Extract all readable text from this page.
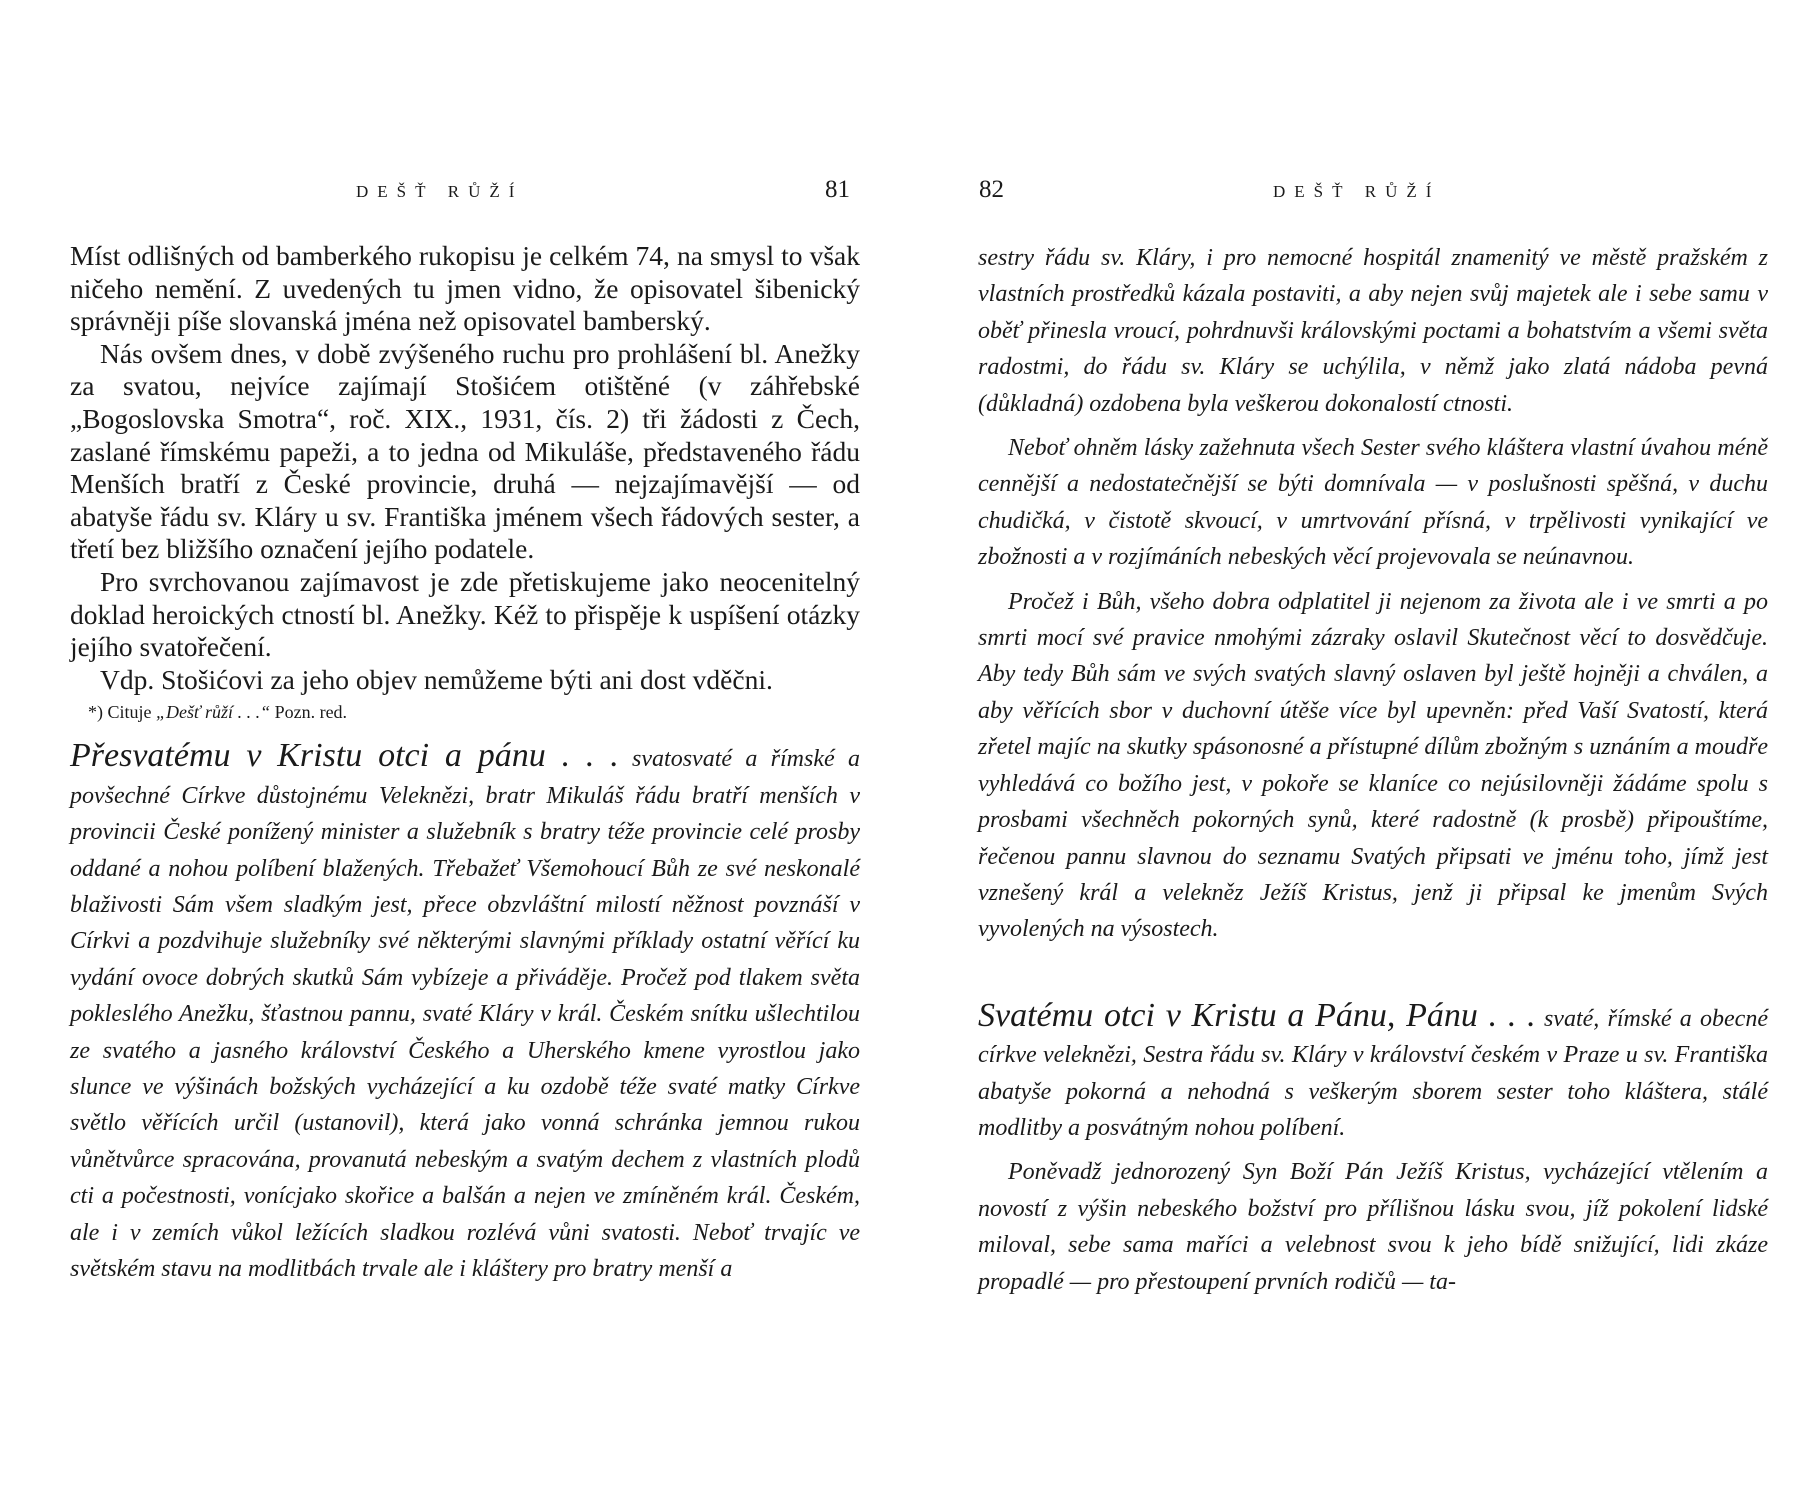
DEŠŤ RŮŽÍ	81

Míst odlišných od bamberkého rukopisu je celkém 74, na smysl to však ničeho nemění. Z uvedených tu jmen vidno, že opisovatel šibenický správněji píše slovanská jména než opisovatel bamberský.

Nás ovšem dnes, v době zvýšeného ruchu pro prohlášení bl. Anežky za svatou, nejvíce zajímají Stošićem otištěné (v záhřebské „Bogoslovska Smotra“, roč. XIX., 1931, čís. 2) tři žádosti z Čech, zaslané římskému papeži, a to jedna od Mikuláše, představeného řádu Menších bratří z České provincie, druhá — nejzajímavější — od abatyše řádu sv. Kláry u sv. Františka jménem všech řádových sester, a třetí bez bližšího označení jejího podatele.

Pro svrchovanou zajímavost je zde přetiskujeme jako neocenitelný doklad heroických ctností bl. Anežky. Kéž to přispěje k uspíšení otázky jejího svatořečení.

Vdp. Stošićovi za jeho objev nemůžeme býti ani dost vděčni.

*) Cituje „Dešť růží . . .“ Pozn. red.

Přesvatému v Kristu otci a pánu . . . svatosvaté a římské a povšechné Církve důstojnému Veleknězi, bratr Mikuláš řádu bratří menších v provincii České ponížený minister a služebník s bratry téže provincie celé prosby oddané a nohou políbení blažených. Třebažeť Všemohoucí Bůh ze své neskonalé blaživosti Sám všem sladkým jest, přece obzvláštní milostí něžnost povznáší v Církvi a pozdvihuje služebníky své některými slavnými příklady ostatní věřící ku vydání ovoce dobrých skutků Sám vybízeje a přiváděje. Pročež pod tlakem světa pokleslého Anežku, šťastnou pannu, svaté Kláry v král. Českém snítku ušlechtilou ze svatého a jasného království Českého a Uherského kmene vyrostlou jako slunce ve výšinách božských vycházející a ku ozdobě téže svaté matky Církve světlo věřících určil (ustanovil), která jako vonná schránka jemnou rukou vůnětvůrce spracována, provanutá nebeským a svatým dechem z vlastních plodů cti a počestnosti, vonícjako skořice a balšán a nejen ve zmíněném král. Českém, ale i v zemích vůkol ležících sladkou rozlévá vůni svatosti. Neboť trvajíc ve světském stavu na modlitbách trvale ale i kláštery pro bratry menší a

82	DEŠŤ RŮŽÍ

sestry řádu sv. Kláry, i pro nemocné hospitál znamenitý ve městě pražském z vlastních prostředků kázala postaviti, a aby nejen svůj majetek ale i sebe samu v oběť přinesla vroucí, pohrdnuvši královskými poctami a bohatstvím a všemi světa radostmi, do řádu sv. Kláry se uchýlila, v němž jako zlatá nádoba pevná (důkladná) ozdobena byla veškerou dokonalostí ctnosti.

Neboť ohněm lásky zažehnuta všech Sester svého kláštera vlastní úvahou méně cennější a nedostatečnější se býti domnívala — v poslušnosti spěšná, v duchu chudičká, v čistotě skvoucí, v umrtvování přísná, v trpělivosti vynikající ve zbožnosti a v rozjímáních nebeských věcí projevovala se neúnavnou.

Pročež i Bůh, všeho dobra odplatitel ji nejenom za života ale i ve smrti a po smrti mocí své pravice nmohými zázraky oslavil Skutečnost věcí to dosvědčuje. Aby tedy Bůh sám ve svých svatých slavný oslaven byl ještě hojněji a chválen, a aby věřících sbor v duchovní útěše více byl upevněn: před Vaší Svatostí, která zřetel majíc na skutky spásonosné a přístupné dílům zbožným s uznáním a moudře vyhledává co božího jest, v pokoře se klaníce co nejúsilovněji žádáme spolu s prosbami všechněch pokorných synů, které radostně (k prosbě) připouštíme, řečenou pannu slavnou do seznamu Svatých připsati ve jménu toho, jímž jest vznešený král a velekněz Ježíš Kristus, jenž ji připsal ke jmenům Svých vyvolených na výsostech.

Svatému otci v Kristu a Pánu, Pánu . . . svaté, římské a obecné církve veleknězi, Sestra řádu sv. Kláry v království českém v Praze u sv. Františka abatyše pokorná a nehodná s veškerým sborem sester toho kláštera, stálé modlitby a posvátným nohou políbení.

Poněvadž jednorozený Syn Boží Pán Ježíš Kristus, vycházející vtělením a novostí z výšin nebeského božství pro přílišnou lásku svou, jíž pokolení lidské miloval, sebe sama maříci a velebnost svou k jeho bídě snižující, lidi zkáze propadlé — pro přestoupení prvních rodičů — ta-
